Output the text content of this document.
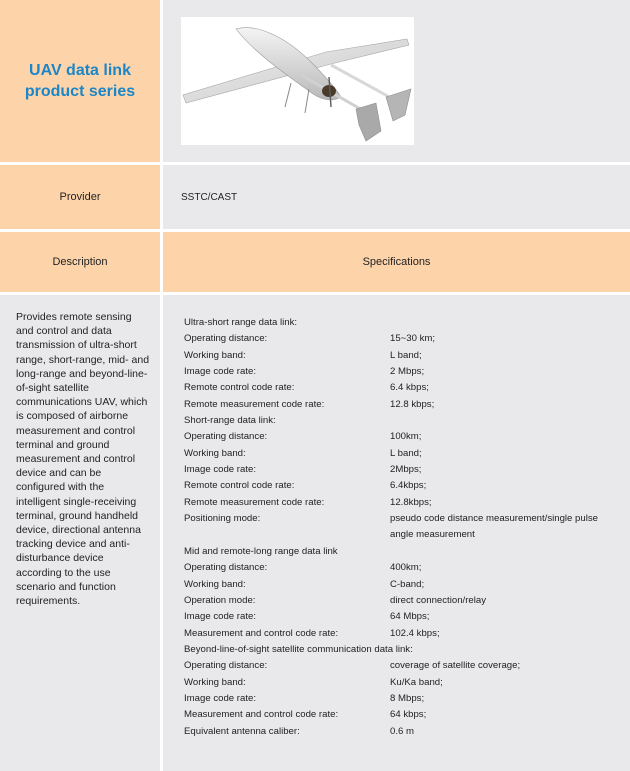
UAV data link product series
Provider	SSTC/CAST
Description	Specifications
Provides remote sensing and control and data transmission of ultra-short range, short-range, mid- and long-range and beyond-line-of-sight satellite communications UAV, which is composed of airborne measurement and control terminal and ground measurement and control device and can be configured with the intelligent single-receiving terminal, ground handheld device, directional antenna tracking device and anti-disturbance device according to the use scenario and function requirements.
Ultra-short range data link:
Operating distance:	15~30 km;
Working band:	L band;
Image code rate:	2 Mbps;
Remote control code rate:	6.4 kbps;
Remote measurement code rate:	12.8 kbps;
Short-range data link:
Operating distance:	100km;
Working band:	L band;
Image code rate:	2Mbps;
Remote control code rate:	6.4kbps;
Remote measurement code rate:	12.8kbps;
Positioning mode:	pseudo code distance measurement/single pulse angle measurement
Mid and remote-long range data link
Operating distance:	400km;
Working band:	C-band;
Operation mode:	direct connection/relay
Image code rate:	64 Mbps;
Measurement and control code rate:	102.4 kbps;
Beyond-line-of-sight satellite communication data link:
Operating distance:	coverage of satellite coverage;
Working band:	Ku/Ka band;
Image code rate:	8 Mbps;
Measurement and control code rate:	64 kbps;
Equivalent antenna caliber:	0.6 m
